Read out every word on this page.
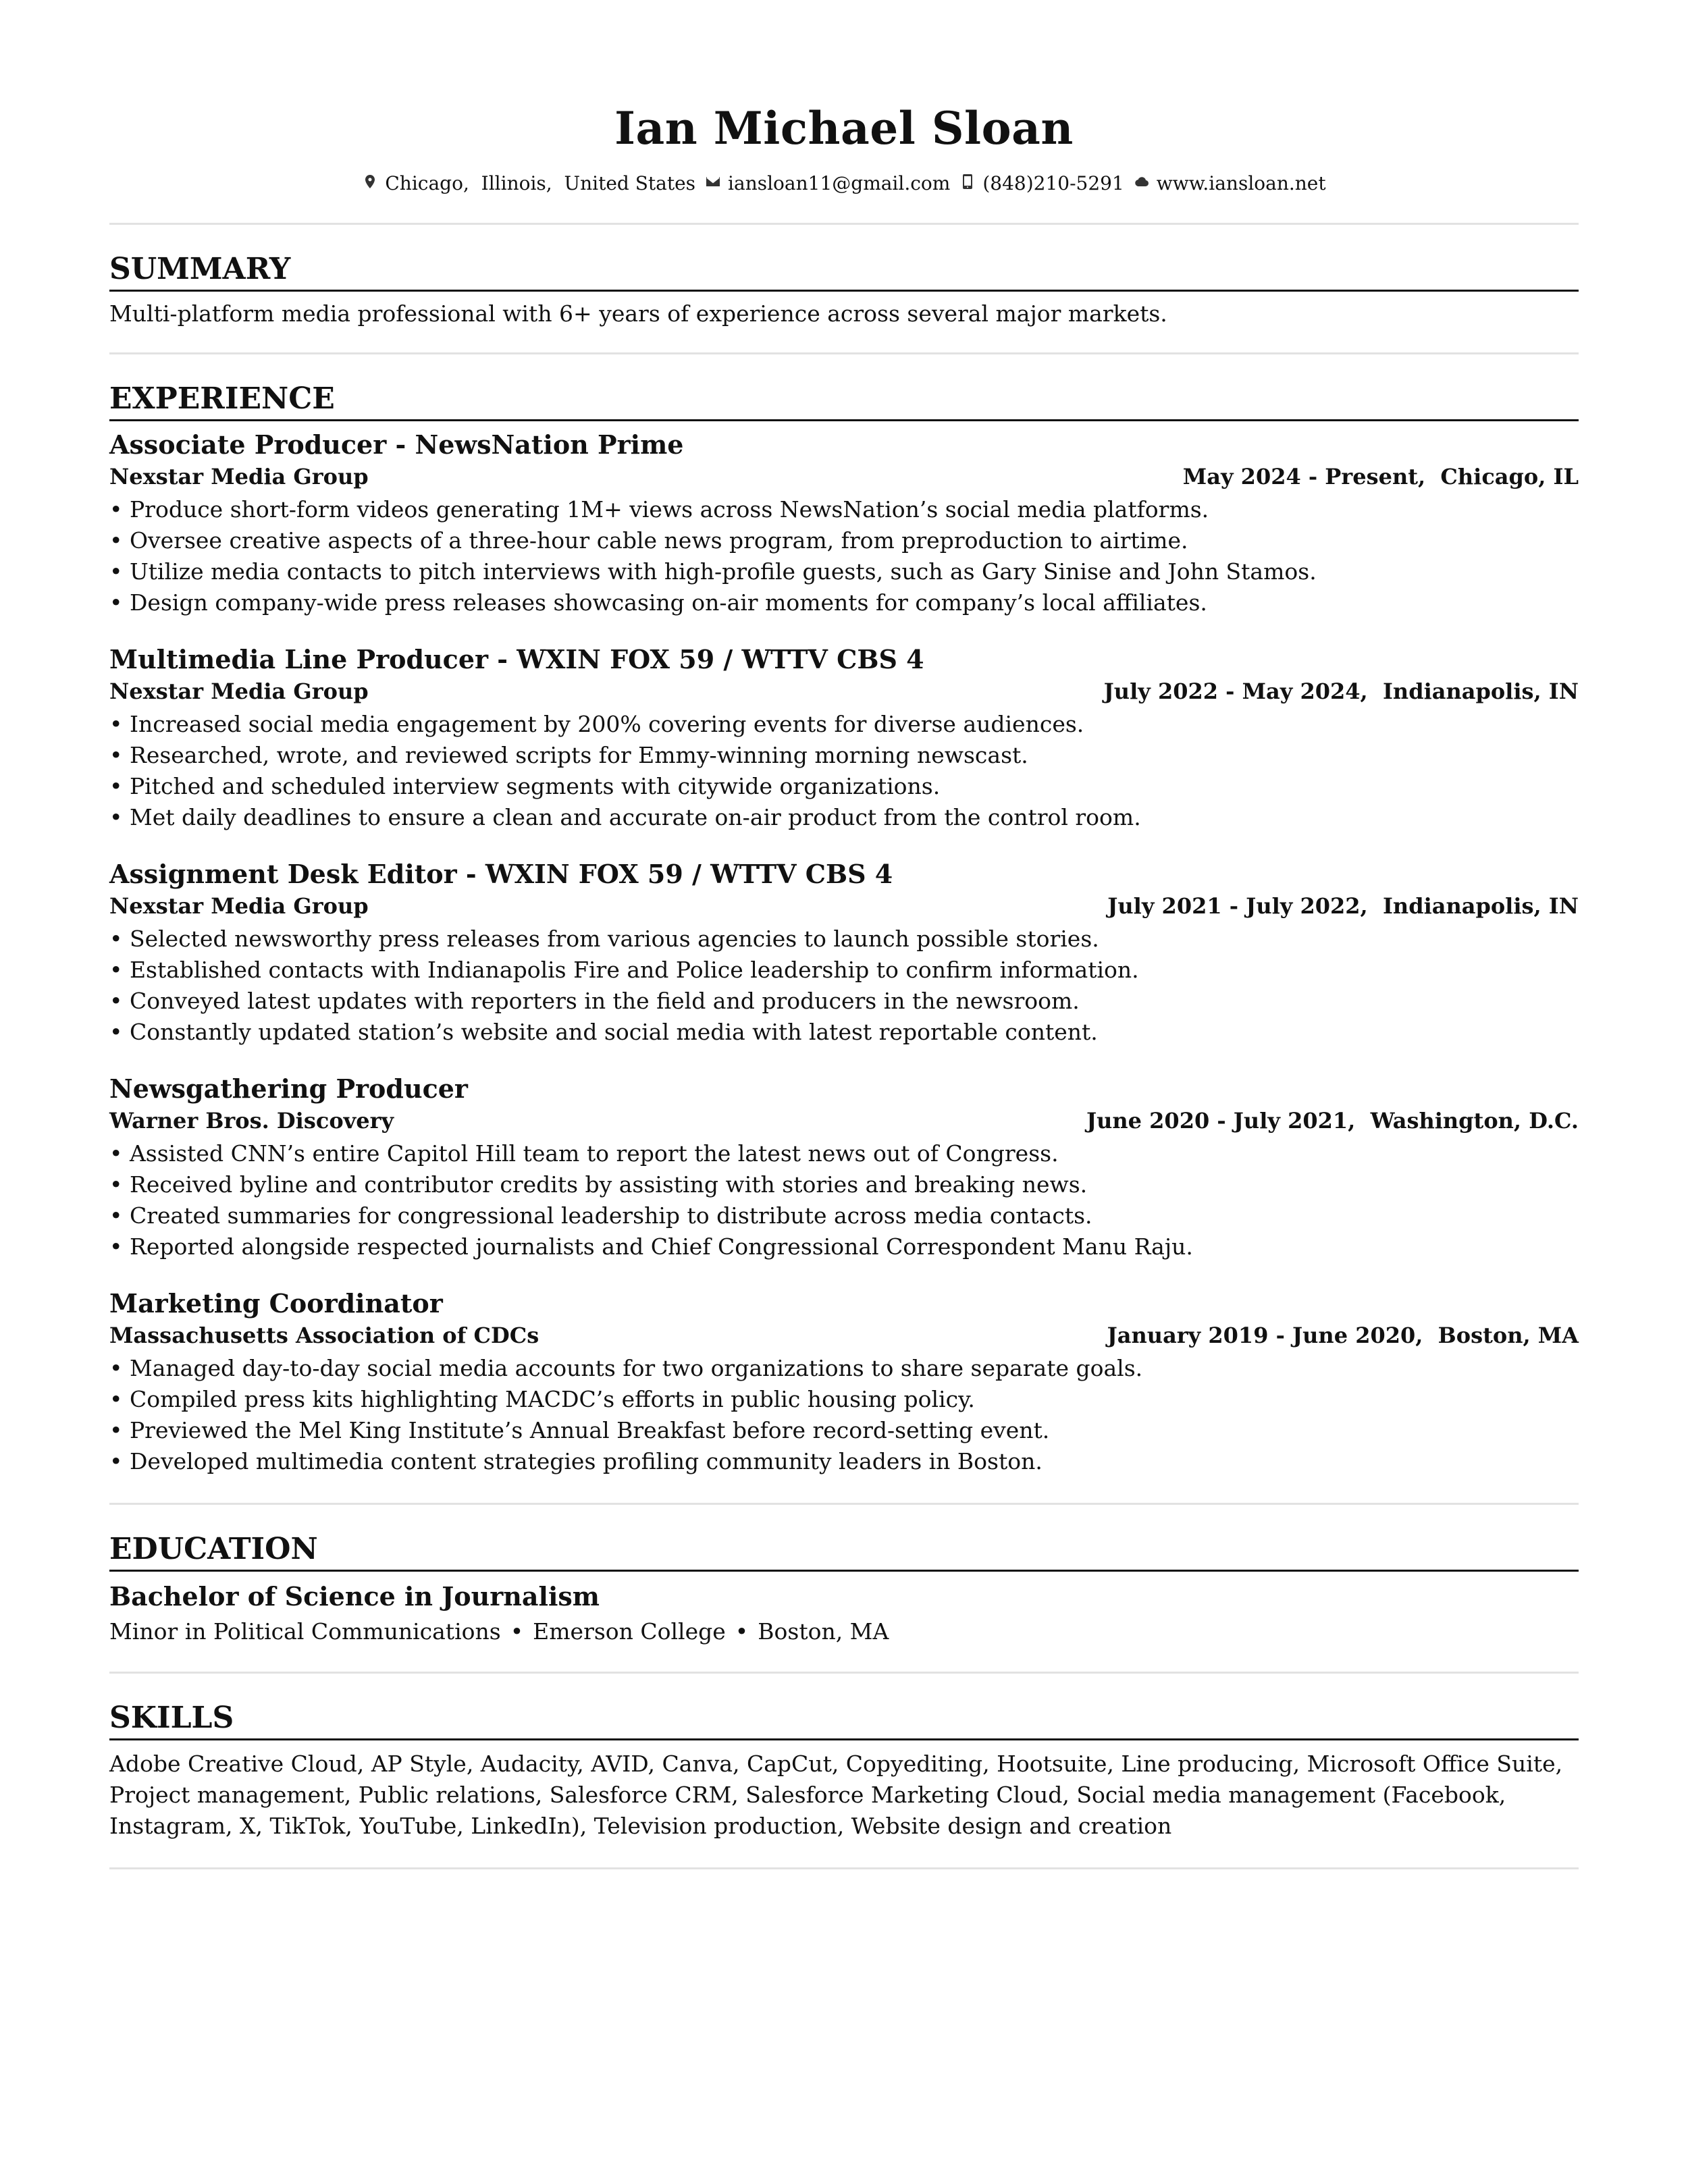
Ian Michael Sloan
Chicago,  Illinois,  United States iansloan11@gmail.com (848)210-5291 www.iansloan.net
SUMMARY
Multi-platform media professional with 6+ years of experience across several major markets.
EXPERIENCE
Associate Producer - NewsNation Prime
Nexstar Media Group	May 2024 - Present,  Chicago, IL
• Produce short-form videos generating 1M+ views across NewsNation’s social media platforms.
• Oversee creative aspects of a three-hour cable news program, from preproduction to airtime.
• Utilize media contacts to pitch interviews with high-profile guests, such as Gary Sinise and John Stamos.
• Design company-wide press releases showcasing on-air moments for company’s local affiliates.
Multimedia Line Producer - WXIN FOX 59 / WTTV CBS 4
Nexstar Media Group	July 2022 - May 2024,  Indianapolis, IN
• Increased social media engagement by 200% covering events for diverse audiences.
• Researched, wrote, and reviewed scripts for Emmy-winning morning newscast.
• Pitched and scheduled interview segments with citywide organizations.
• Met daily deadlines to ensure a clean and accurate on-air product from the control room.
Assignment Desk Editor - WXIN FOX 59 / WTTV CBS 4
Nexstar Media Group	July 2021 - July 2022,  Indianapolis, IN
• Selected newsworthy press releases from various agencies to launch possible stories.
• Established contacts with Indianapolis Fire and Police leadership to confirm information.
• Conveyed latest updates with reporters in the field and producers in the newsroom.
• Constantly updated station’s website and social media with latest reportable content.
Newsgathering Producer
Warner Bros. Discovery	June 2020 - July 2021,  Washington, D.C.
• Assisted CNN’s entire Capitol Hill team to report the latest news out of Congress.
• Received byline and contributor credits by assisting with stories and breaking news.
• Created summaries for congressional leadership to distribute across media contacts.
• Reported alongside respected journalists and Chief Congressional Correspondent Manu Raju.
Marketing Coordinator
Massachusetts Association of CDCs	January 2019 - June 2020,  Boston, MA
• Managed day-to-day social media accounts for two organizations to share separate goals.
• Compiled press kits highlighting MACDC’s efforts in public housing policy.
• Previewed the Mel King Institute’s Annual Breakfast before record-setting event.
• Developed multimedia content strategies profiling community leaders in Boston.
EDUCATION
Bachelor of Science in Journalism
Minor in Political Communications • Emerson College • Boston, MA
SKILLS
Adobe Creative Cloud, AP Style, Audacity, AVID, Canva, CapCut, Copyediting, Hootsuite, Line producing, Microsoft Office Suite, Project management, Public relations, Salesforce CRM, Salesforce Marketing Cloud, Social media management (Facebook, Instagram, X, TikTok, YouTube, LinkedIn), Television production, Website design and creation
